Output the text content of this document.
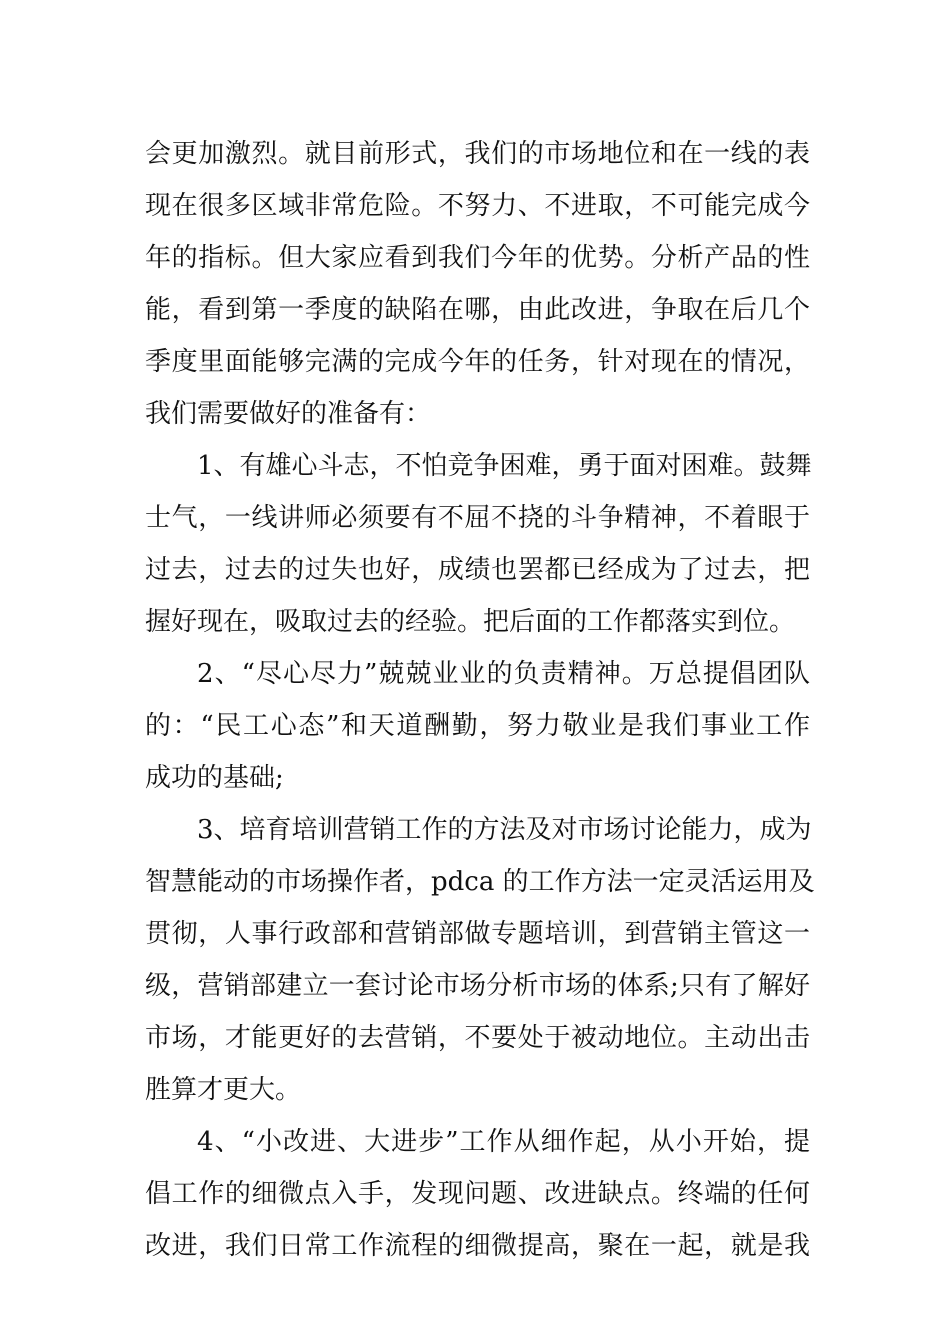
会更加激烈。就目前形式，我们的市场地位和在一线的表
现在很多区域非常危险。不努力、不进取，不可能完成今
年的指标。但大家应看到我们今年的优势。分析产品的性
能，看到第一季度的缺陷在哪，由此改进，争取在后几个
季度里面能够完满的完成今年的任务，针对现在的情况，
我们需要做好的准备有：
1、有雄心斗志，不怕竞争困难，勇于面对困难。鼓舞
士气，一线讲师必须要有不屈不挠的斗争精神，不着眼于
过去，过去的过失也好，成绩也罢都已经成为了过去，把
握好现在，吸取过去的经验。把后面的工作都落实到位。
2、“尽心尽力”兢兢业业的负责精神。万总提倡团队
的：“民工心态”和天道酬勤，努力敬业是我们事业工作
成功的基础;
3、培育培训营销工作的方法及对市场讨论能力，成为
智慧能动的市场操作者，pdca 的工作方法一定灵活运用及
贯彻，人事行政部和营销部做专题培训，到营销主管这一
级，营销部建立一套讨论市场分析市场的体系;只有了解好
市场，才能更好的去营销，不要处于被动地位。主动出击
胜算才更大。
4、“小改进、大进步”工作从细作起，从小开始，提
倡工作的细微点入手，发现问题、改进缺点。终端的任何
改进，我们日常工作流程的细微提高，聚在一起，就是我
